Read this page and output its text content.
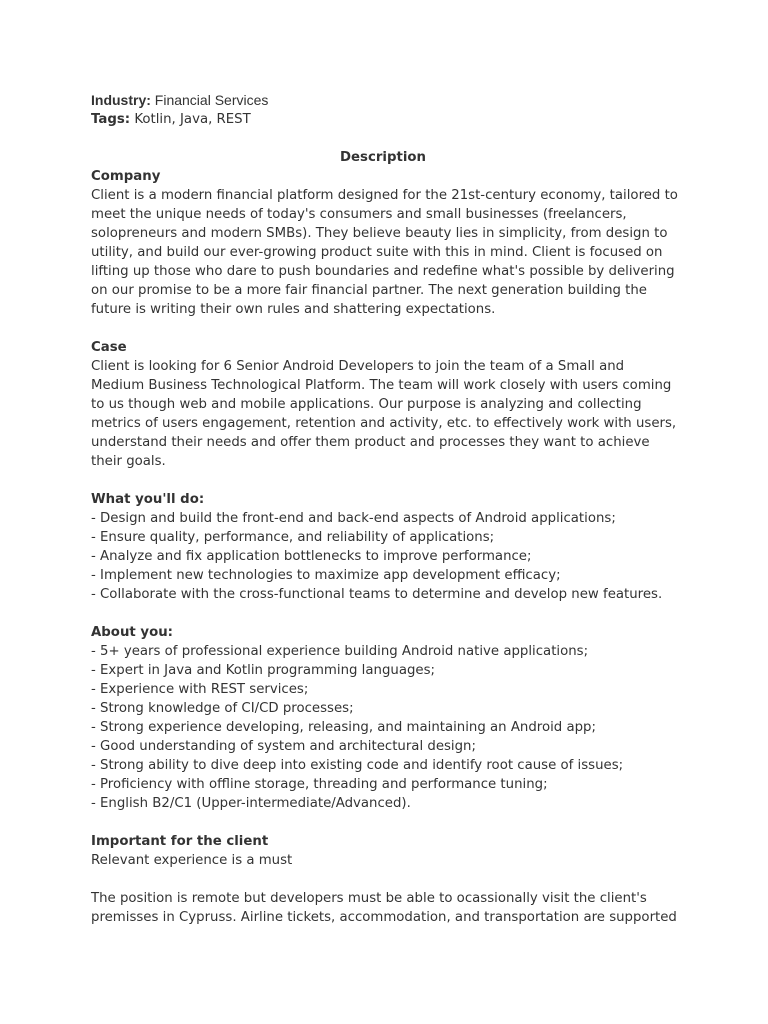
Industry: Financial Services
Tags: Kotlin, Java, REST
Description
Company
Client is a modern financial platform designed for the 21st-century economy, tailored to meet the unique needs of today's consumers and small businesses (freelancers, solopreneurs and modern SMBs). They believe beauty lies in simplicity, from design to utility, and build our ever-growing product suite with this in mind. Client is focused on lifting up those who dare to push boundaries and redefine what's possible by delivering on our promise to be a more fair financial partner. The next generation building the future is writing their own rules and shattering expectations.
Case
Client is looking for 6 Senior Android Developers to join the team of a Small and Medium Business Technological Platform. The team will work closely with users coming to us though web and mobile applications. Our purpose is analyzing and collecting metrics of users engagement, retention and activity, etc. to effectively work with users, understand their needs and offer them product and processes they want to achieve their goals.
What you'll do:
- Design and build the front-end and back-end aspects of Android applications;
- Ensure quality, performance, and reliability of applications;
- Analyze and fix application bottlenecks to improve performance;
- Implement new technologies to maximize app development efficacy;
- Collaborate with the cross-functional teams to determine and develop new features.
About you:
- 5+ years of professional experience building Android native applications;
- Expert in Java and Kotlin programming languages;
- Experience with REST services;
- Strong knowledge of CI/CD processes;
- Strong experience developing, releasing, and maintaining an Android app;
- Good understanding of system and architectural design;
- Strong ability to dive deep into existing code and identify root cause of issues;
- Proficiency with offline storage, threading and performance tuning;
- English B2/C1 (Upper-intermediate/Advanced).
Important for the client
Relevant experience is a must
The position is remote but developers must be able to ocassionally visit the client's premisses in Cypruss. Airline tickets, accommodation, and transportation are supported
